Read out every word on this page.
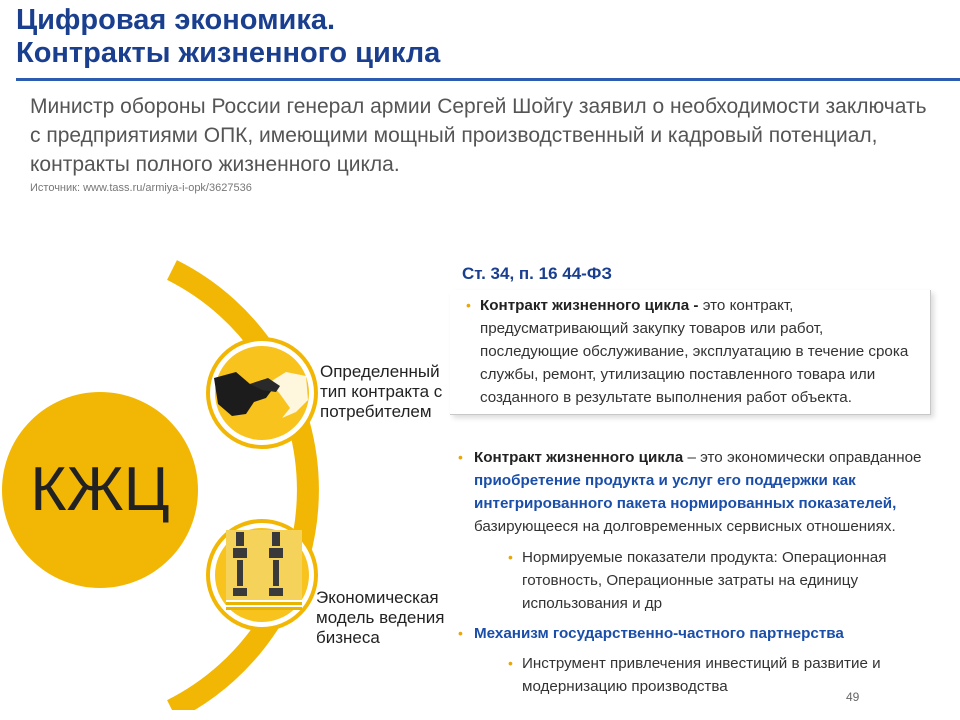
Цифровая экономика.
Контракты жизненного цикла
Министр обороны России генерал армии Сергей Шойгу заявил о необходимости заключать
с предприятиями ОПК, имеющими мощный производственный и кадровый потенциал,
контракты полного жизненного цикла.
Источник: www.tass.ru/armiya-i-opk/3627536
КЖЦ
Определенный
тип контракта с
потребителем
Экономическая
модель ведения
бизнеса
Ст. 34, п. 16 44-ФЗ
• Контракт жизненного цикла - это контракт,
предусматривающий закупку товаров или работ,
последующие обслуживание, эксплуатацию в течение срока
службы, ремонт, утилизацию поставленного товара или
созданного в результате выполнения работ объекта.
• Контракт жизненного цикла – это экономически оправданное
приобретение продукта и услуг его поддержки как
интегрированного пакета нормированных показателей,
базирующееся на долговременных сервисных отношениях.
• Нормируемые показатели продукта: Операционная
готовность, Операционные затраты на единицу
использования и др
• Механизм государственно-частного партнерства
• Инструмент привлечения инвестиций в развитие и
модернизацию производства
49
